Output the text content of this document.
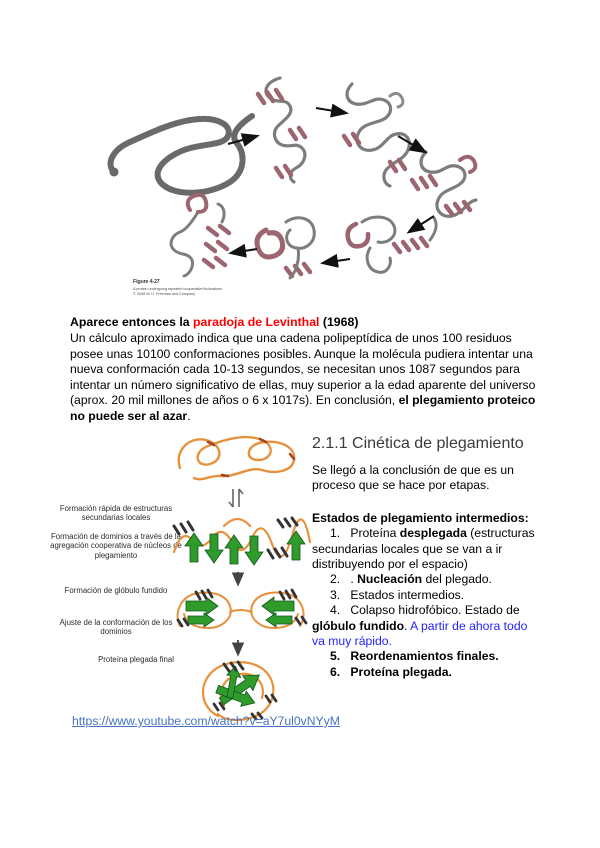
Figure 4-27
A protein undergoing repeated cooperative fluctuations
© 2008 W. H. Freeman and Company
Aparece entonces la paradoja de Levinthal (1968)
Un cálculo aproximado indica que una cadena polipeptídica de unos 100 residuos posee unas 10100 conformaciones posibles. Aunque la molécula pudiera intentar una nueva conformación cada 10-13 segundos, se necesitan unos 1087 segundos para intentar un número significativo de ellas, muy superior a la edad aparente del universo (aprox. 20 mil millones de años o 6 x 1017s). En conclusión, el plegamiento proteico no puede ser al azar.
Formación rápida de estructuras secundarias locales
Formación de dominios a través de la agregación cooperativa de núcleos de plegamiento
Formación de glóbulo fundido
Ajuste de la conformación de los dominios
Proteína plegada final
2.1.1 Cinética de plegamiento
Se llegó a la conclusión de que es un proceso que se hace por etapas.
Estados de plegamiento intermedios:
1.   Proteína desplegada (estructuras secundarias locales que se van a ir distribuyendo por el espacio)
2.   . Nucleación del plegado.
3.   Estados intermedios.
4.   Colapso hidrofóbico. Estado de glóbulo fundido. A partir de ahora todo va muy rápido.
5.   Reordenamientos finales.
6.   Proteína plegada.
https://www.youtube.com/watch?v=aY7ul0vNYyM
